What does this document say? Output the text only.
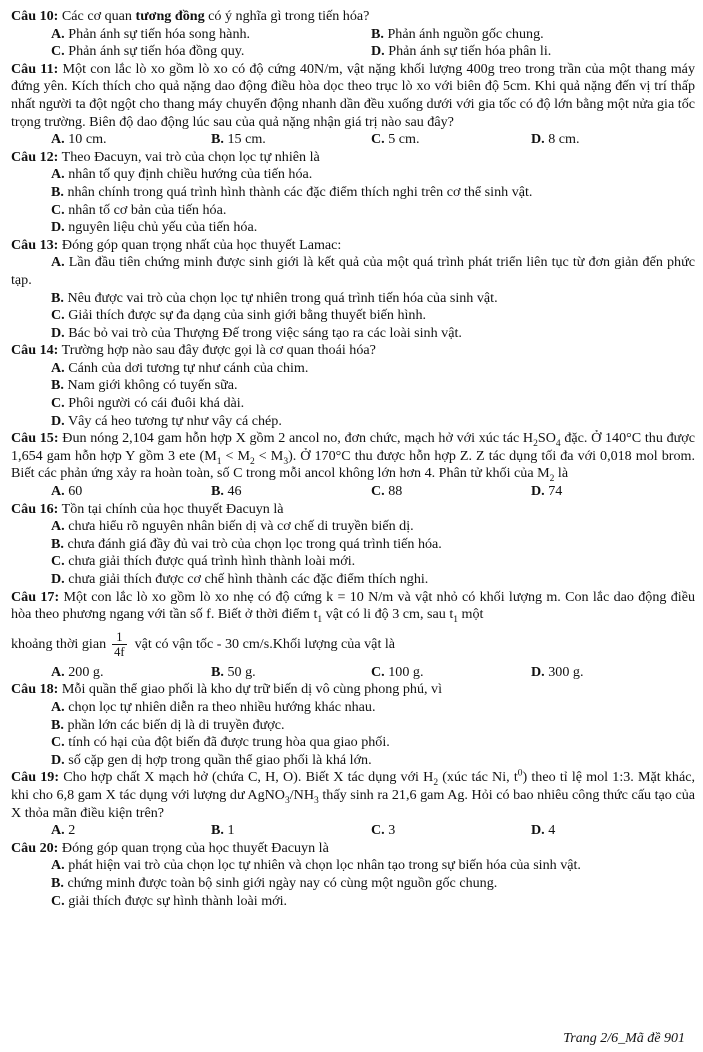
Câu 10: Các cơ quan tương đồng có ý nghĩa gì trong tiến hóa?
A. Phản ánh sự tiến hóa song hành.	B. Phản ánh nguồn gốc chung.
C. Phản ánh sự tiến hóa đồng quy.	D. Phản ánh sự tiến hóa phân li.
Câu 11: Một con lắc lò xo gồm lò xo có độ cứng 40N/m, vật nặng khối lượng 400g treo trong trần của một thang máy đứng yên. Kích thích cho quả nặng dao động điều hòa dọc theo trục lò xo với biên độ 5cm. Khi quả nặng đến vị trí thấp nhất người ta đột ngột cho thang máy chuyển động nhanh dần đều xuống dưới với gia tốc có độ lớn bằng một nửa gia tốc trọng trường. Biên độ dao động lúc sau của quả nặng nhận giá trị nào sau đây?
A. 10 cm.	B. 15 cm.	C. 5 cm.	D. 8 cm.
Câu 12: Theo Đacuyn, vai trò của chọn lọc tự nhiên là
A. nhân tố quy định chiều hướng của tiến hóa.
B. nhân chính trong quá trình hình thành các đặc điểm thích nghi trên cơ thể sinh vật.
C. nhân tố cơ bản của tiến hóa.
D. nguyên liệu chủ yếu của tiến hóa.
Câu 13: Đóng góp quan trọng nhất của học thuyết Lamac:
A. Lần đầu tiên chứng minh được sinh giới là kết quả của một quá trình phát triển liên tục từ đơn giản đến phức tạp.
B. Nêu được vai trò của chọn lọc tự nhiên trong quá trình tiến hóa của sinh vật.
C. Giải thích được sự đa dạng của sinh giới bằng thuyết biến hình.
D. Bác bỏ vai trò của Thượng Đế trong việc sáng tạo ra các loài sinh vật.
Câu 14: Trường hợp nào sau đây được gọi là cơ quan thoái hóa?
A. Cánh của dơi tương tự như cánh của chim.
B. Nam giới không có tuyến sữa.
C. Phôi người có cái đuôi khá dài.
D. Vây cá heo tương tự như vây cá chép.
Câu 15: Đun nóng 2,104 gam hỗn hợp X gồm 2 ancol no, đơn chức, mạch hở với xúc tác $H_2SO_4$ đặc. Ở 140°C thu được 1,654 gam hỗn hợp Y gồm 3 ete $(M_1 < M_2 < M_3)$. Ở 170°C thu được hỗn hợp Z. Z tác dụng tối đa với 0,018 mol brom. Biết các phản ứng xảy ra hoàn toàn, số C trong mỗi ancol không lớn hơn 4. Phân tử khối của $M_2$ là
A. 60	B. 46	C. 88	D. 74
Câu 16: Tồn tại chính của học thuyết Đacuyn là
A. chưa hiểu rõ nguyên nhân biến dị và cơ chế di truyền biến dị.
B. chưa đánh giá đầy đủ vai trò của chọn lọc trong quá trình tiến hóa.
C. chưa giải thích được quá trình hình thành loài mới.
D. chưa giải thích được cơ chế hình thành các đặc điểm thích nghi.
Câu 17: Một con lắc lò xo gồm lò xo nhẹ có độ cứng k = 10 N/m và vật nhỏ có khối lượng m. Con lắc dao động điều hòa theo phương ngang với tần số f. Biết ở thời điểm $t_1$ vật có li độ 3 cm, sau $t_1$ một
khoảng thời gian $\frac{1}{4f}$ vật có vận tốc - 30 cm/s.Khối lượng của vật là
A. 200 g.	B. 50 g.	C. 100 g.	D. 300 g.
Câu 18: Mỗi quần thể giao phối là kho dự trữ biến dị vô cùng phong phú, vì
A. chọn lọc tự nhiên diễn ra theo nhiều hướng khác nhau.
B. phần lớn các biến dị là di truyền được.
C. tính có hại của đột biến đã được trung hòa qua giao phối.
D. số cặp gen dị hợp trong quần thể giao phối là khá lớn.
Câu 19: Cho hợp chất X mạch hở (chứa C, H, O). Biết X tác dụng với $H_2$ (xúc tác Ni, $t^0$) theo tỉ lệ mol 1:3. Mặt khác, khi cho 6,8 gam X tác dụng với lượng dư $AgNO_3/NH_3$ thấy sinh ra 21,6 gam Ag. Hỏi có bao nhiêu công thức cấu tạo của X thỏa mãn điều kiện trên?
A. 2	B. 1	C. 3	D. 4
Câu 20: Đóng góp quan trọng của học thuyết Đacuyn là
A. phát hiện vai trò của chọn lọc tự nhiên và chọn lọc nhân tạo trong sự biến hóa của sinh vật.
B. chứng minh được toàn bộ sinh giới ngày nay có cùng một nguồn gốc chung.
C. giải thích được sự hình thành loài mới.
Trang 2/6_Mã đề 901
